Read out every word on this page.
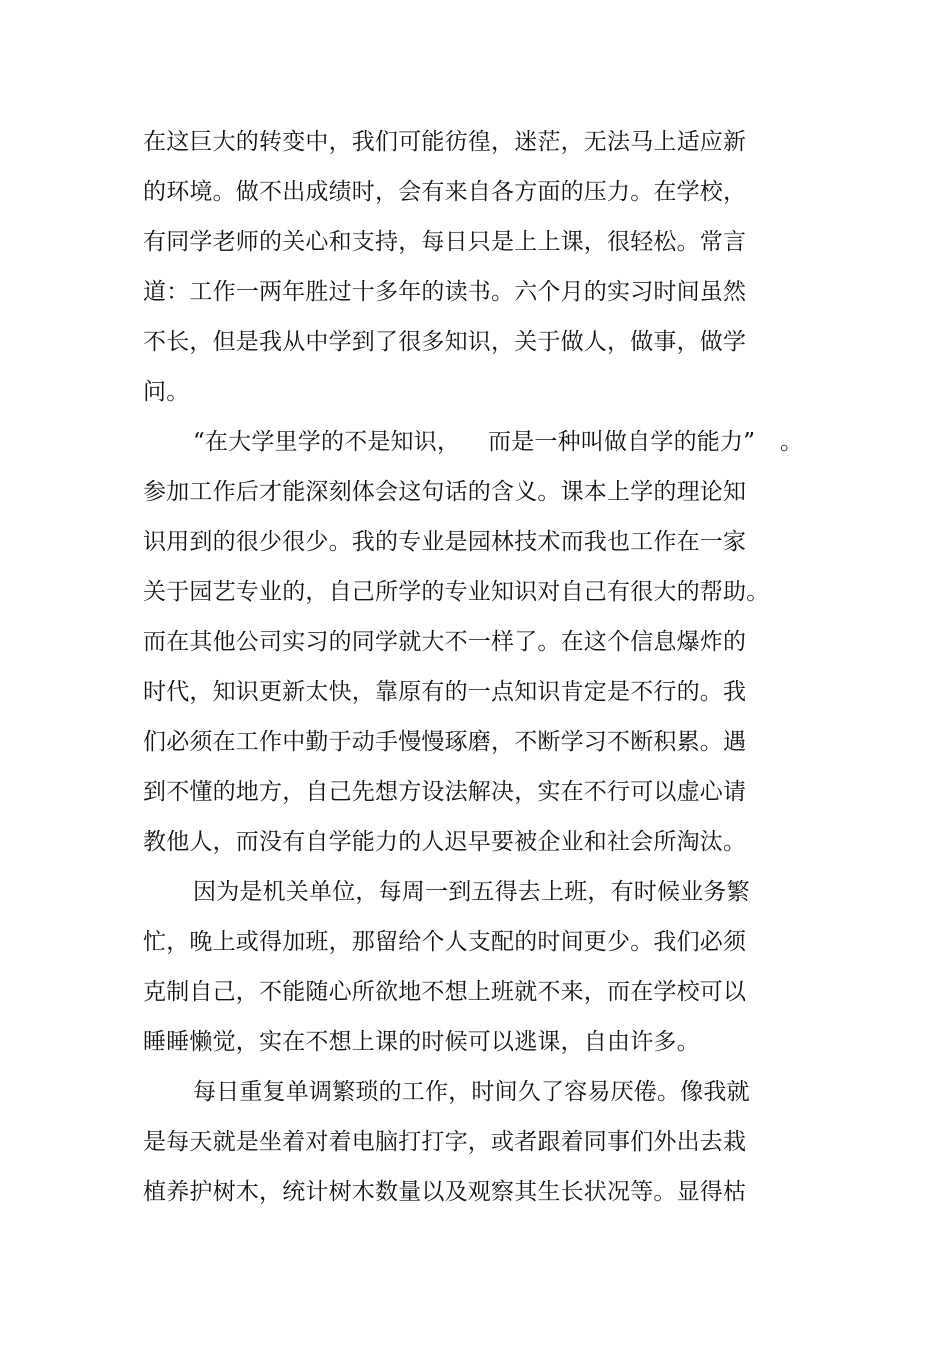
在这巨大的转变中，我们可能彷徨，迷茫，无法马上适应新
的环境。做不出成绩时，会有来自各方面的压力。在学校，
有同学老师的关心和支持，每日只是上上课，很轻松。常言
道：工作一两年胜过十多年的读书。六个月的实习时间虽然
不长，但是我从中学到了很多知识，关于做人，做事，做学
问。
“在大学里学的不是知识， 而是一种叫做自学的能力” 。
参加工作后才能深刻体会这句话的含义。课本上学的理论知
识用到的很少很少。我的专业是园林技术而我也工作在一家
关于园艺专业的，自己所学的专业知识对自己有很大的帮助。
而在其他公司实习的同学就大不一样了。在这个信息爆炸的
时代，知识更新太快，靠原有的一点知识肯定是不行的。我
们必须在工作中勤于动手慢慢琢磨，不断学习不断积累。遇
到不懂的地方，自己先想方设法解决，实在不行可以虚心请
教他人，而没有自学能力的人迟早要被企业和社会所淘汰。
因为是机关单位，每周一到五得去上班，有时候业务繁
忙，晚上或得加班，那留给个人支配的时间更少。我们必须
克制自己，不能随心所欲地不想上班就不来，而在学校可以
睡睡懒觉，实在不想上课的时候可以逃课，自由许多。
每日重复单调繁琐的工作，时间久了容易厌倦。像我就
是每天就是坐着对着电脑打打字，或者跟着同事们外出去栽
植养护树木，统计树木数量以及观察其生长状况等。显得枯
